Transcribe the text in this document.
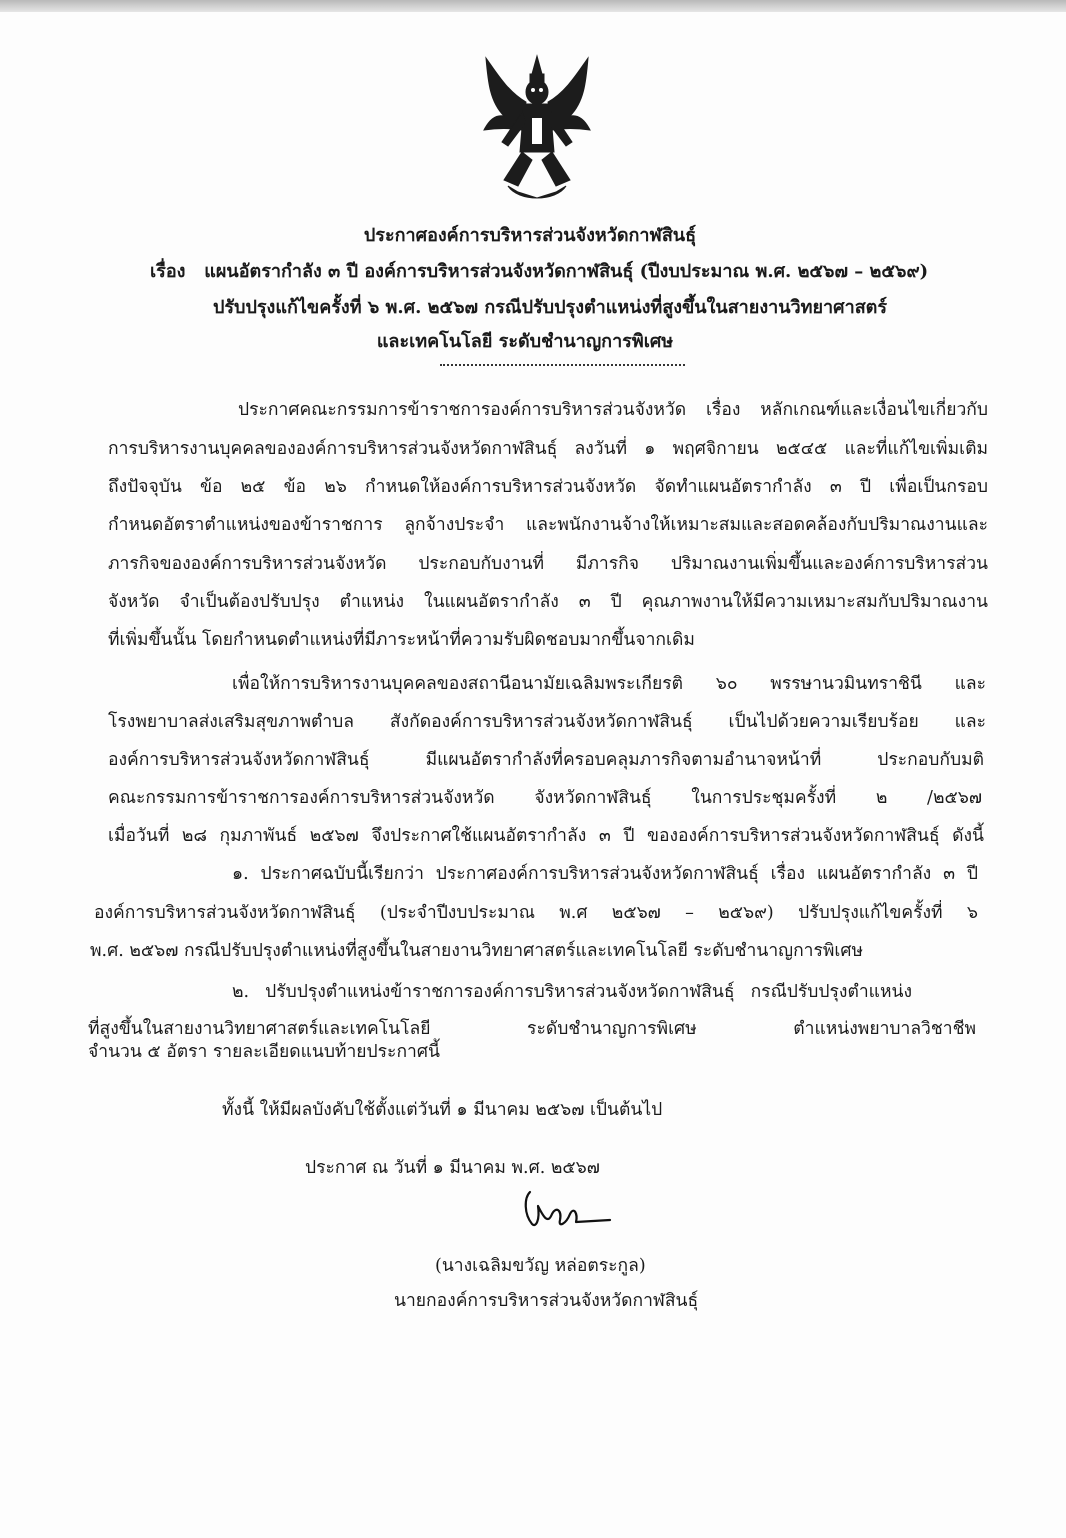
ประกาศองค์การบริหารส่วนจังหวัดกาฬสินธุ์
เรื่อง แผนอัตรากำลัง ๓ ปี องค์การบริหารส่วนจังหวัดกาฬสินธุ์ (ปีงบประมาณ พ.ศ. ๒๕๖๗ – ๒๕๖๙)
ปรับปรุงแก้ไขครั้งที่ ๖ พ.ศ. ๒๕๖๗ กรณีปรับปรุงตำแหน่งที่สูงขึ้นในสายงานวิทยาศาสตร์
และเทคโนโลยี ระดับชำนาญการพิเศษ
ประกาศคณะกรรมการข้าราชการองค์การบริหารส่วนจังหวัด เรื่อง หลักเกณฑ์และเงื่อนไขเกี่ยวกับ
การบริหารงานบุคคลขององค์การบริหารส่วนจังหวัดกาฬสินธุ์ ลงวันที่ ๑ พฤศจิกายน ๒๕๔๕ และที่แก้ไขเพิ่มเติม
ถึงปัจจุบัน ข้อ ๒๕ ข้อ ๒๖ กำหนดให้องค์การบริหารส่วนจังหวัด จัดทำแผนอัตรากำลัง ๓ ปี เพื่อเป็นกรอบ
กำหนดอัตราตำแหน่งของข้าราชการ ลูกจ้างประจำ และพนักงานจ้างให้เหมาะสมและสอดคล้องกับปริมาณงานและ
ภารกิจขององค์การบริหารส่วนจังหวัด ประกอบกับงานที่ มีภารกิจ ปริมาณงานเพิ่มขึ้นและองค์การบริหารส่วน
จังหวัด จำเป็นต้องปรับปรุง ตำแหน่ง ในแผนอัตรากำลัง ๓ ปี คุณภาพงานให้มีความเหมาะสมกับปริมาณงาน
ที่เพิ่มขึ้นนั้น โดยกำหนดตำแหน่งที่มีภาระหน้าที่ความรับผิดชอบมากขึ้นจากเดิม
เพื่อให้การบริหารงานบุคคลของสถานีอนามัยเฉลิมพระเกียรติ ๖๐ พรรษานวมินทราชินี และ
โรงพยาบาลส่งเสริมสุขภาพตำบล สังกัดองค์การบริหารส่วนจังหวัดกาฬสินธุ์ เป็นไปด้วยความเรียบร้อย และ
องค์การบริหารส่วนจังหวัดกาฬสินธุ์ มีแผนอัตรากำลังที่ครอบคลุมภารกิจตามอำนาจหน้าที่ ประกอบกับมติ
คณะกรรมการข้าราชการองค์การบริหารส่วนจังหวัด จังหวัดกาฬสินธุ์ ในการประชุมครั้งที่ ๒ /๒๕๖๗
เมื่อวันที่ ๒๘ กุมภาพันธ์ ๒๕๖๗ จึงประกาศใช้แผนอัตรากำลัง ๓ ปี ขององค์การบริหารส่วนจังหวัดกาฬสินธุ์ ดังนี้
๑. ประกาศฉบับนี้เรียกว่า ประกาศองค์การบริหารส่วนจังหวัดกาฬสินธุ์ เรื่อง แผนอัตรากำลัง ๓ ปี
องค์การบริหารส่วนจังหวัดกาฬสินธุ์ (ประจำปีงบประมาณ พ.ศ ๒๕๖๗ – ๒๕๖๙) ปรับปรุงแก้ไขครั้งที่ ๖
พ.ศ. ๒๕๖๗ กรณีปรับปรุงตำแหน่งที่สูงขึ้นในสายงานวิทยาศาสตร์และเทคโนโลยี ระดับชำนาญการพิเศษ
๒. ปรับปรุงตำแหน่งข้าราชการองค์การบริหารส่วนจังหวัดกาฬสินธุ์ กรณีปรับปรุงตำแหน่ง
ที่สูงขึ้นในสายงานวิทยาศาสตร์และเทคโนโลยี ระดับชำนาญการพิเศษ ตำแหน่งพยาบาลวิชาชีพ
จำนวน ๕ อัตรา รายละเอียดแนบท้ายประกาศนี้
ทั้งนี้ ให้มีผลบังคับใช้ตั้งแต่วันที่ ๑ มีนาคม ๒๕๖๗ เป็นต้นไป
ประกาศ ณ วันที่ ๑ มีนาคม พ.ศ. ๒๕๖๗
(นางเฉลิมขวัญ หล่อตระกูล)
นายกองค์การบริหารส่วนจังหวัดกาฬสินธุ์
